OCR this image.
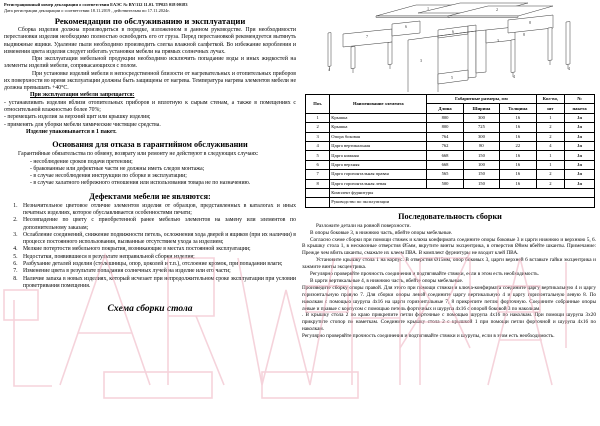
Регистрационный номер декларации о соответствии ЕАЭС № BY/112 11.01. ТР025 018 00183
Дата регистрации декларации о соответствии 18.11.2019 , действительна по 17.11.2024г.
Рекомендации по обслуживанию и эксплуатации

Сборка изделия должна производиться в порядке, изложенном в данном руководстве. При необходимости перестановки изделия необходимо полностью освободить его от груза. Перед перестановкой рекомендуется вытянуть выдвижные ящики. Удаление пыли необходимо производить слегка влажной салфеткой. Во избежание коробления и изменения цвета изделия следует избегать установки мебели на прямых солнечных лучах.

При эксплуатации мебельной продукции необходимо исключить попадание воды и иных жидкостей на элементы изделий мебели, соприкасающихся с полом.

При установке изделий мебели в непосредственной близости от нагревательных и отопительных приборов их поверхности во время эксплуатации должны быть защищены от нагрева. Температура нагрева элементов мебели не должна превышать +40°С.

При эксплуатации мебели запрещается:

- устанавливать изделия вблизи отопительных приборов и вплотную к сырым стенам, а также в помещениях с относительной влажностью более 70%;
- перемещать изделия за верхний щит или крышку изделия;
- применять для уборки мебели химические чистящие средства.

Изделие упаковывается в 1 пакет.

Основания для отказа в гарантийном обслуживании

Гарантийные обязательства по обмену, возврату или ремонту не действуют в следующих случаях:

- несоблюдение сроков подачи претензии;
- бракованные или дефектные части не должны иметь следов монтажа;
- в случае несоблюдения инструкции по сборке и эксплуатации;
- в случае халатного небрежного отношения или использования товара не по назначению.
Дефектами мебели не являются:
1. Незначительное цветовое отличие элементов изделия от образцов, представленных в каталогах и иных печатных изделиях, которое обуславливается особенностями печати;
2. Несовпадение по цвету с приобретенной ранее мебелью элементов на замену или элементов по дополнительному заказам;
3. Ослабление соединений, снижение подвижности петель, осложнения хода дверей и ящиков (при их наличии) в процессе постоянного использования, вызванные отсутствием ухода за изделием;
4. Мелкие потертости мебельного покрытия, возникающие в местах постоянной эксплуатации;
5. Недостатки, появившиеся в результате неправильной сборки изделия;
6. Разбухание деталей изделия (столешницы, опор, цоколей и т.п.), отслоение кромок, при попадании влаги;
7. Изменение цвета в результате попадания солнечных лучей на изделие или его части;
8. Наличие запаха в новых изделиях, который исчезает при непродолжительном сроке эксплуатации при условии проветривания помещения.
Схема сборки стола
1	2
3
4
5
6
7
8
6
8
4	4
3
Поз.	Наименование элемента	Габаритные размеры, мм			Кол-во,	№
		Длина	Ширина	Толщина	шт	пакета
1	Крышка	800	300	16	1	1н
2	Крышка	800	725	16	2	1н
3	Опора боковая	764	300	16	2	1н
4	Царга вертикальная	762	80	22	4	1н
5	Царга нижняя	668	150	16	1	1н
6	Царга верхняя	668	100	16	1	1н
7	Царга горизонтальная правая	565	150	16	2	1н
8	Царга горизонтальная левая	500	150	16	2	1н
	Комплект фурнитуры					
	Руководство по эксплуатации					
Последовательность сборки

Разложите детали на ровной поверхности.

В опоры боковые 3, в нижнюю часть, вбейте опоры мебельные.

Согласно схеме сборки при помощи стяжек и ключа конфирмата соедините опоры боковые 3 и царги нижнюю и верхнюю 5, 6. В крышку стола 1, в несквозные отверстия Ø5мм, вкрутите винты эксцентрика, в отверстия Ø8мм вбейте шканты. Примечание: Прежде чем вбить шканты, смажьте их клеем ПВА. В комплект фурнитуры не входит клей ПВА.

Установите крышку стола 1 на корпус. В отверстия Ø15мм, опор боковых 3, царги верхней 6 вставьте гайки эксцентрика и зажмите винты эксцентрика.

Регулярно проверяйте прочность соединения и подтягивайте стяжки, если в этом есть необходимость.

В царги вертикальные 4, в нижнюю часть, вбейте опоры мебельные.

Произведите сборку опоры правой. Для этого при помощи стяжки и ключа-конфирмата соедините царгу вертикальную 4 и царгу горизонтальную правую 7. Для сборки опоры левой соедините царгу вертикальную 4 и царгу горизонтальную левую 8. По наколкам с помощью шурупа 4х16 на царги горизонтальные 7, 8 прикрепите петлю форточную. Соедините собранные опоры левые и правые с корпусом с помощью петель форточных и шурупа 4х16 с опорой боковой 3 по наколкам.

. В крышку стола 2 по краю прикрепите петли форточные с помощью шурупа 4х16 по наколкам. При помощи шурупа 3х20 прикрутите стопор по наметкам. Соедините крышку стола 2 с крышкой 1 при помощи петли форточной и шурупа 4х16 по наколкам.

Регулярно проверяйте прочность соединения и подтягивайте стяжки и шурупы, если в этом есть необходимость.
